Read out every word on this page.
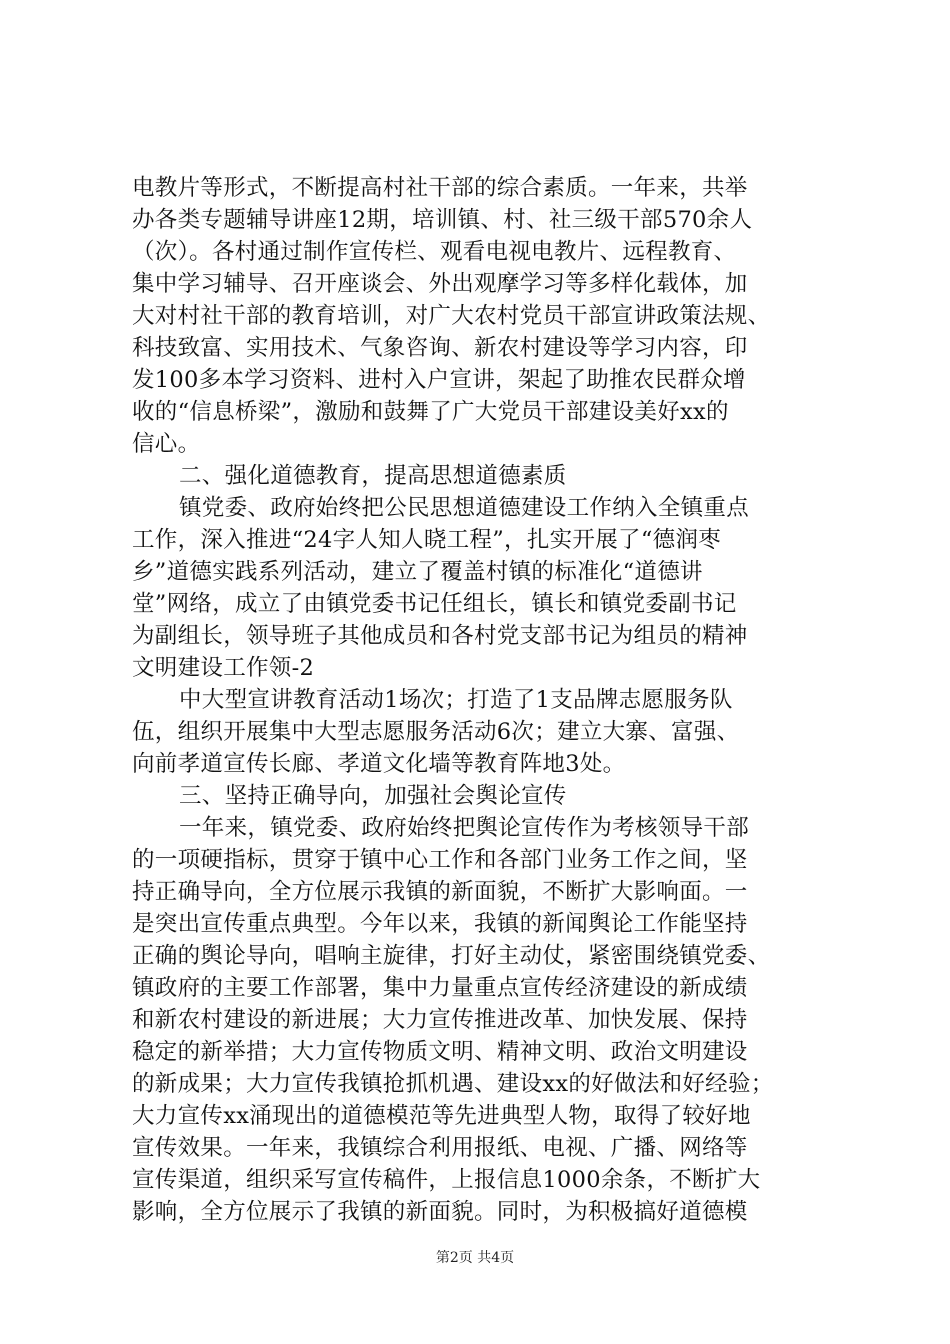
电教片等形式，不断提高村社干部的综合素质。一年来，共举
办各类专题辅导讲座12期，培训镇、村、社三级干部570余人
（次）。各村通过制作宣传栏、观看电视电教片、远程教育、
集中学习辅导、召开座谈会、外出观摩学习等多样化载体，加
大对村社干部的教育培训，对广大农村党员干部宣讲政策法规、
科技致富、实用技术、气象咨询、新农村建设等学习内容，印
发100多本学习资料、进村入户宣讲，架起了助推农民群众增
收的“信息桥梁”，激励和鼓舞了广大党员干部建设美好xx的
信心。
二、强化道德教育，提高思想道德素质
镇党委、政府始终把公民思想道德建设工作纳入全镇重点
工作，深入推进“24字人知人晓工程”，扎实开展了“德润枣
乡”道德实践系列活动，建立了覆盖村镇的标准化“道德讲
堂”网络，成立了由镇党委书记任组长，镇长和镇党委副书记
为副组长，领导班子其他成员和各村党支部书记为组员的精神
文明建设工作领-2
中大型宣讲教育活动1场次；打造了1支品牌志愿服务队
伍，组织开展集中大型志愿服务活动6次；建立大寨、富强、
向前孝道宣传长廊、孝道文化墙等教育阵地3处。
三、坚持正确导向，加强社会舆论宣传
一年来，镇党委、政府始终把舆论宣传作为考核领导干部
的一项硬指标，贯穿于镇中心工作和各部门业务工作之间，坚
持正确导向，全方位展示我镇的新面貌，不断扩大影响面。一
是突出宣传重点典型。今年以来，我镇的新闻舆论工作能坚持
正确的舆论导向，唱响主旋律，打好主动仗，紧密围绕镇党委、
镇政府的主要工作部署，集中力量重点宣传经济建设的新成绩
和新农村建设的新进展；大力宣传推进改革、加快发展、保持
稳定的新举措；大力宣传物质文明、精神文明、政治文明建设
的新成果；大力宣传我镇抢抓机遇、建设xx的好做法和好经验；
大力宣传xx涌现出的道德模范等先进典型人物，取得了较好地
宣传效果。一年来，我镇综合利用报纸、电视、广播、网络等
宣传渠道，组织采写宣传稿件，上报信息1000余条，不断扩大
影响，全方位展示了我镇的新面貌。同时，为积极搞好道德模
第2页 共4页
